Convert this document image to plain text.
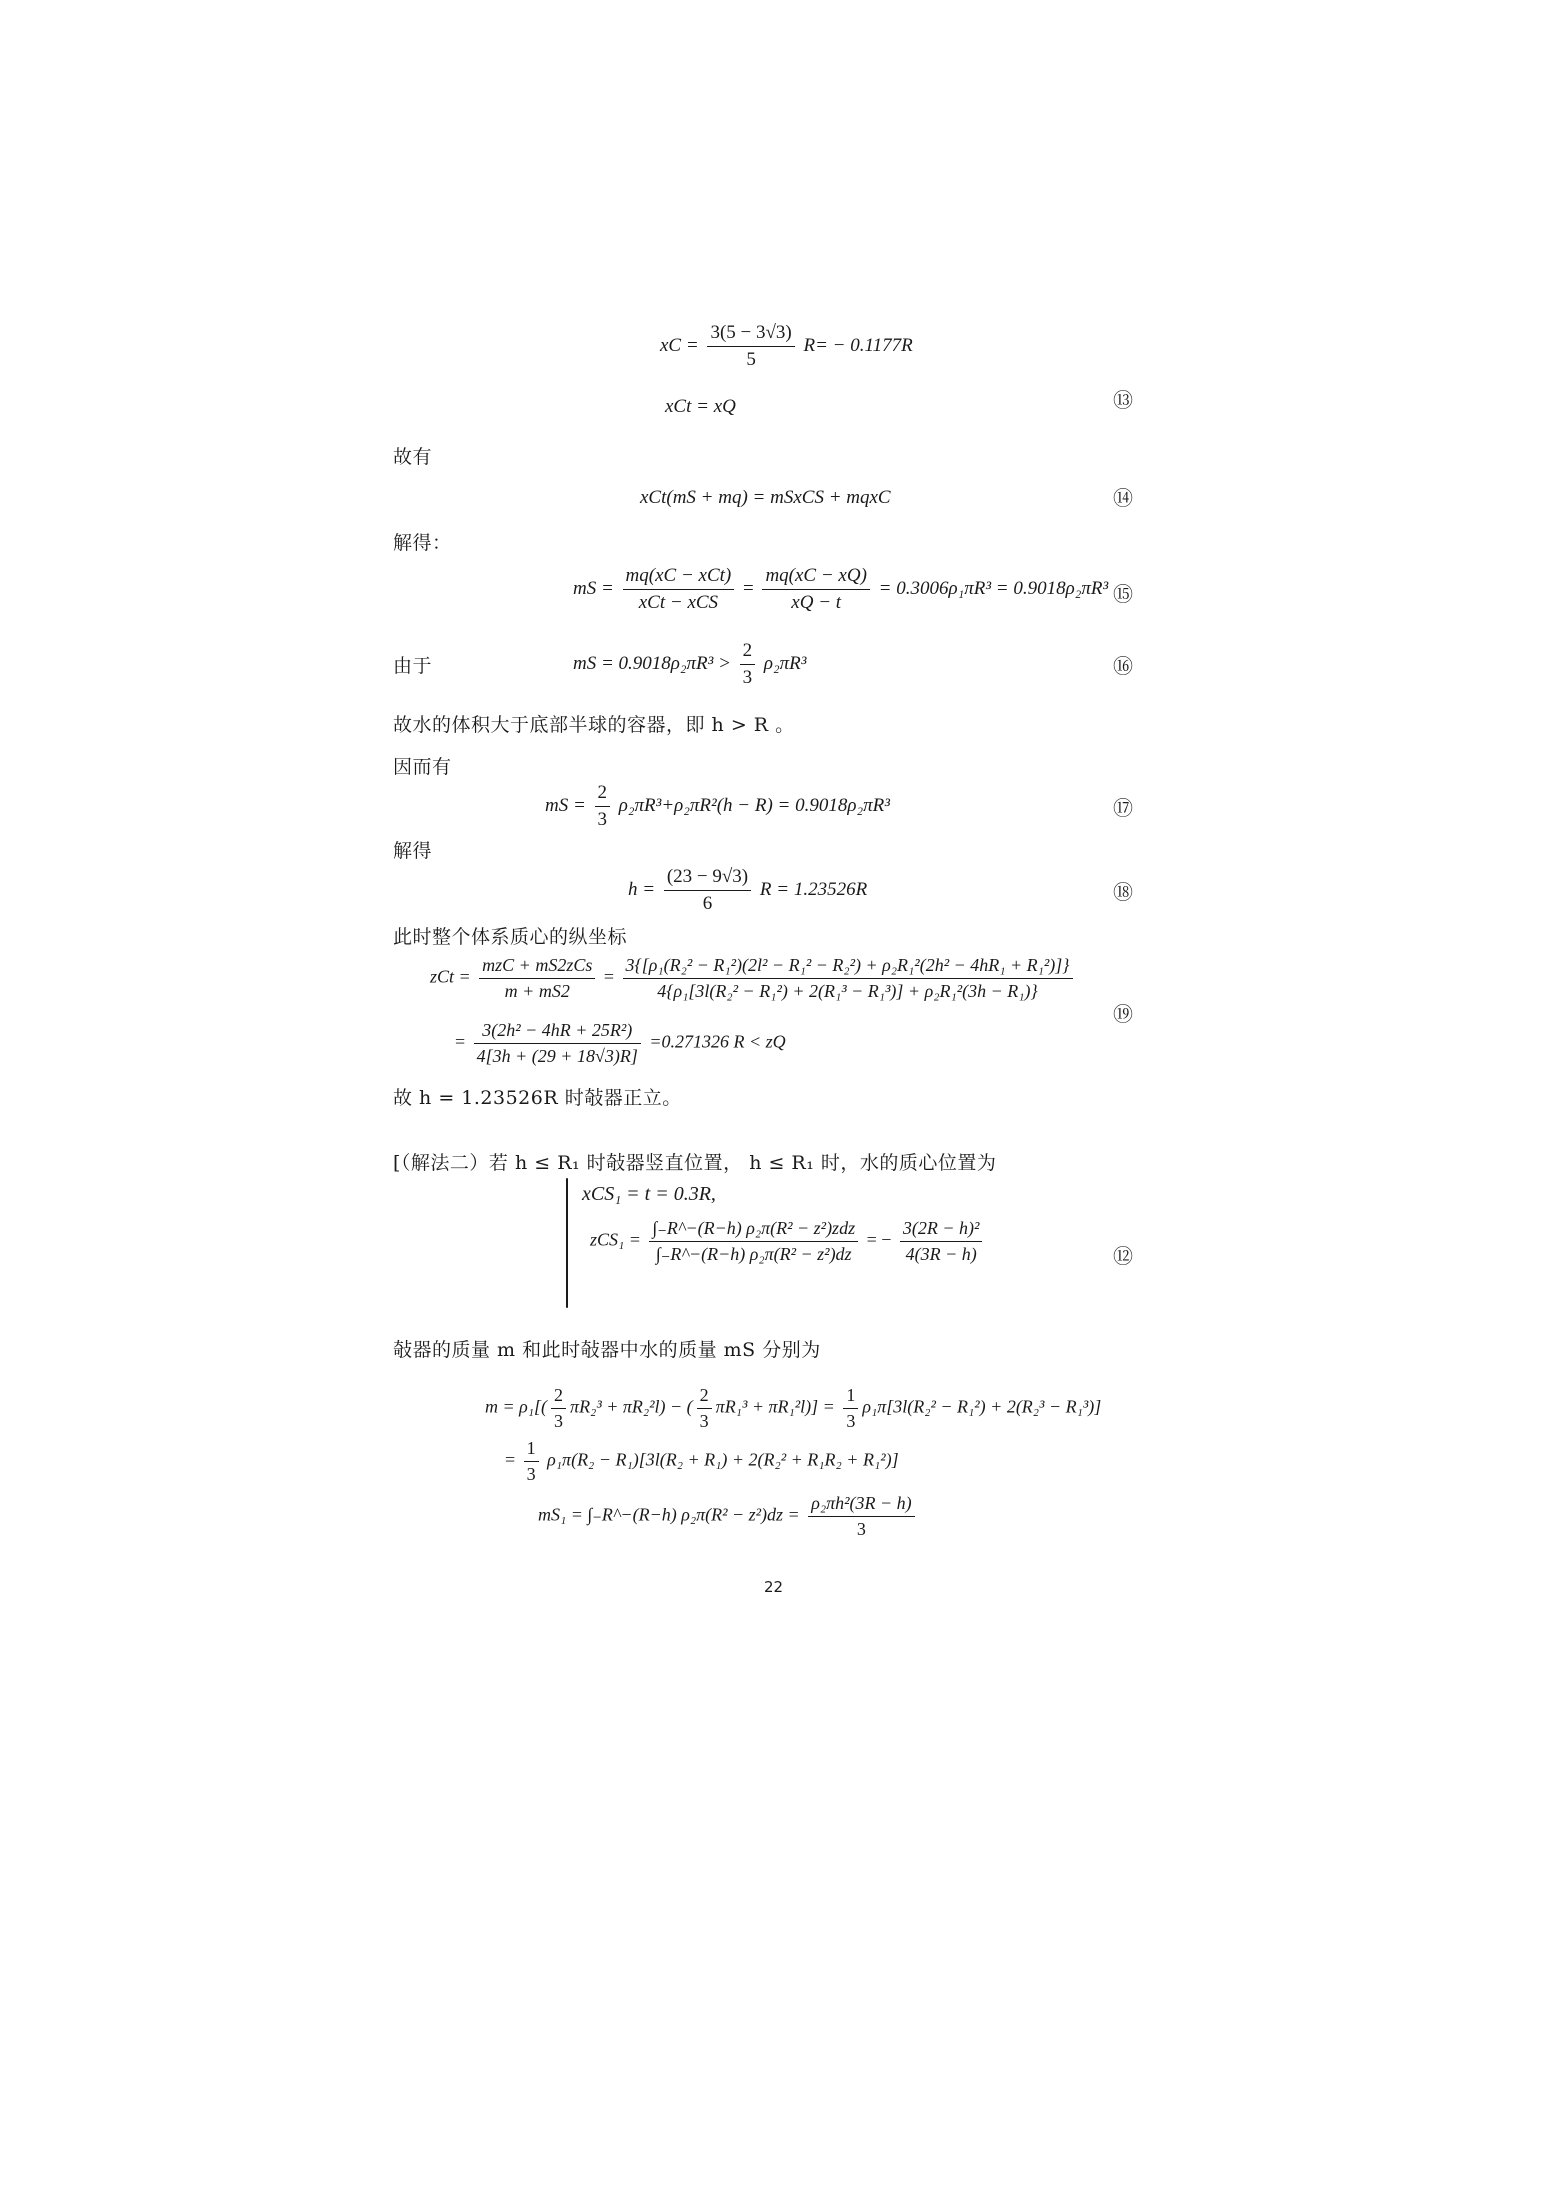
xC = $\frac{3(5 - 3√3)}{5} R= - 0.1177R$
xCt = xQ	⑬
故有
xCt(mS + mq) = mSxCS + mqxC	⑭
解得：
mS = $\frac{\text{mq(xC − xCt)}}{\text{xCt − xCS}} = \frac{mq(xC - xQ)}{xQ - t} = 0.3006\rho_1\pi R^3 = 0.9018\rho_2\pi R^3$ ⑮
由于	mS = $0.9018\rho_2\pi R^3 > \frac{2}{3} \rho_2\pi R^3$	⑯
故水的体积大于底部半球的容器，即 h > R 。
因而有
mS = $\frac{2}{3} \rho_2\pi R^3+\rho_2\pi R^2(h - R) = 0.9018\rho_2\pi R^3$	⑰
解得
$h = \frac{(23 - 9√3)}{6}$ R = 1.23526R	⑱
此时整个体系质心的纵坐标
zCt = $\frac{\text{mzC + mS2zCs}}{m + mS2}$ =
3{[ρ₁(R₂² − R₁²)(2l² − R₁² − R₂²) + ρ₂R₁²(2h² − 4hR₁ + R₁²)]}
4{ρ₁[3l(R₂² − R₁²) + 2(R₁³ − R₁³)] + ρ₂R₁²(3h − R₁)}
= $\frac{\text{3(2h² − 4hR + 25R²)}}{4[3h + (29 + 18√3)R]} =0.271326$ R < zQ
⑲
故 h = 1.23526R 时敧器正立。
[（解法二）若 h ≤ R₁ 时敧器竖直位置， h ≤ R₁ 时，水的质心位置为
xCS₁ = t = 0.3R,
$zCS_1 = \frac{\text{∫₋R\textasciicircum{}−(R−h) ρ₂π(R² − z²)zdz}}{\text{∫₋R\textasciicircum{}−(R−h) ρ₂π(R² − z²)dz}}$ = − $\frac{\text{3(2R − h)²}}{4(3R - h)}$	⑫
敧器的质量 m 和此时敧器中水的质量 mS 分别为
$m = \rho_1[( \frac{2}{3} \pi R_2^3 + \pi R_2^2l)$ − ( $\frac{2}{3} \pi R_1^3 + \pi R_1^2l)] = \frac{1}{3} \rho_1\pi[3l(R_2^2 - R_1^2) + 2(R_2^3 - R_1^3)]$
= $\frac{1}{3} \rho_1\pi(R_2 - R_1)[3l(R_2 + R_1) + 2(R_2^2 + R_1R_2 + R_1^2)]$
mS₁ = ∫₋R^−(R−h) $\rho_2\pi(R^2 - z^2)dz = \frac{\text{ρ₂πh²(3R − h)}}{3}$
22
